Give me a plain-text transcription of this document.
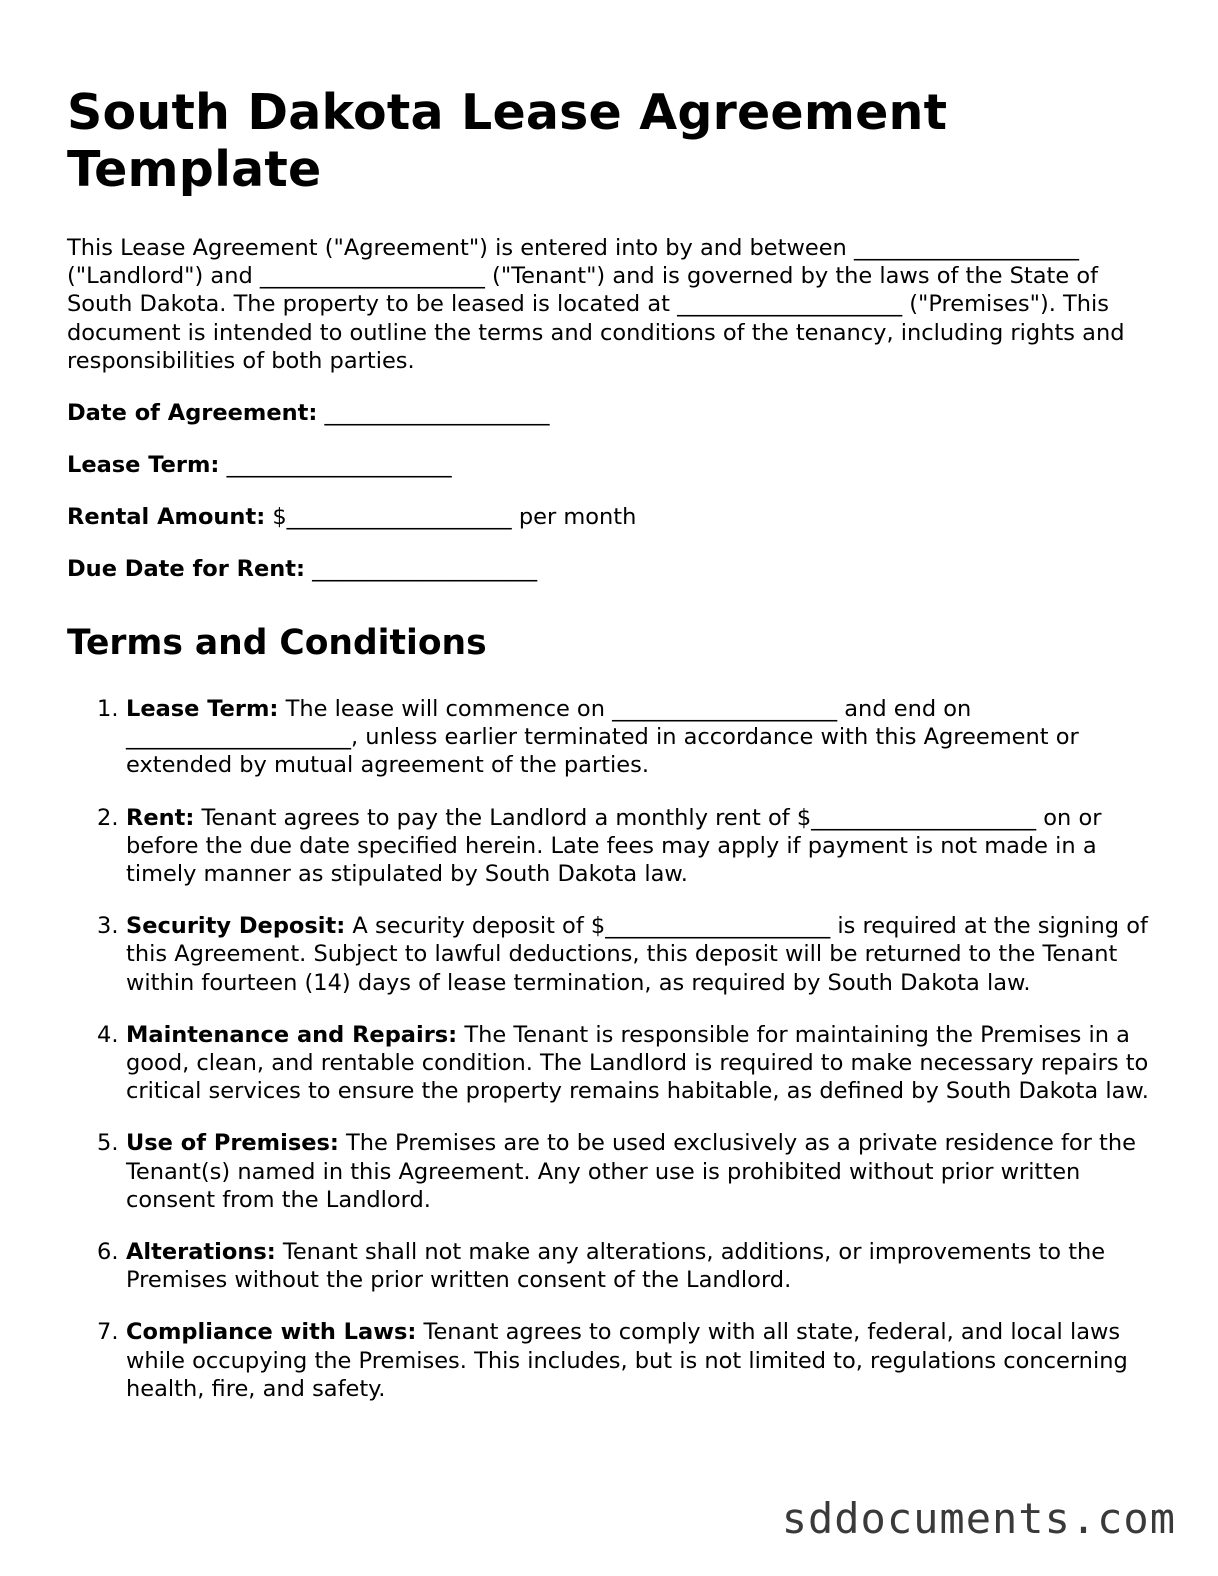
South Dakota Lease Agreement Template

This Lease Agreement ("Agreement") is entered into by and between ____________________ ("Landlord") and ____________________ ("Tenant") and is governed by the laws of the State of South Dakota. The property to be leased is located at ____________________ ("Premises"). This document is intended to outline the terms and conditions of the tenancy, including rights and responsibilities of both parties.

Date of Agreement: ____________________

Lease Term: ____________________

Rental Amount: $____________________ per month

Due Date for Rent: ____________________

Terms and Conditions
1. Lease Term: The lease will commence on ____________________ and end on ____________________, unless earlier terminated in accordance with this Agreement or extended by mutual agreement of the parties.
2. Rent: Tenant agrees to pay the Landlord a monthly rent of $____________________ on or before the due date specified herein. Late fees may apply if payment is not made in a timely manner as stipulated by South Dakota law.
3. Security Deposit: A security deposit of $____________________ is required at the signing of this Agreement. Subject to lawful deductions, this deposit will be returned to the Tenant within fourteen (14) days of lease termination, as required by South Dakota law.
4. Maintenance and Repairs: The Tenant is responsible for maintaining the Premises in a good, clean, and rentable condition. The Landlord is required to make necessary repairs to critical services to ensure the property remains habitable, as defined by South Dakota law.
5. Use of Premises: The Premises are to be used exclusively as a private residence for the Tenant(s) named in this Agreement. Any other use is prohibited without prior written consent from the Landlord.
6. Alterations: Tenant shall not make any alterations, additions, or improvements to the Premises without the prior written consent of the Landlord.
7. Compliance with Laws: Tenant agrees to comply with all state, federal, and local laws while occupying the Premises. This includes, but is not limited to, regulations concerning health, fire, and safety.
sddocuments.com
